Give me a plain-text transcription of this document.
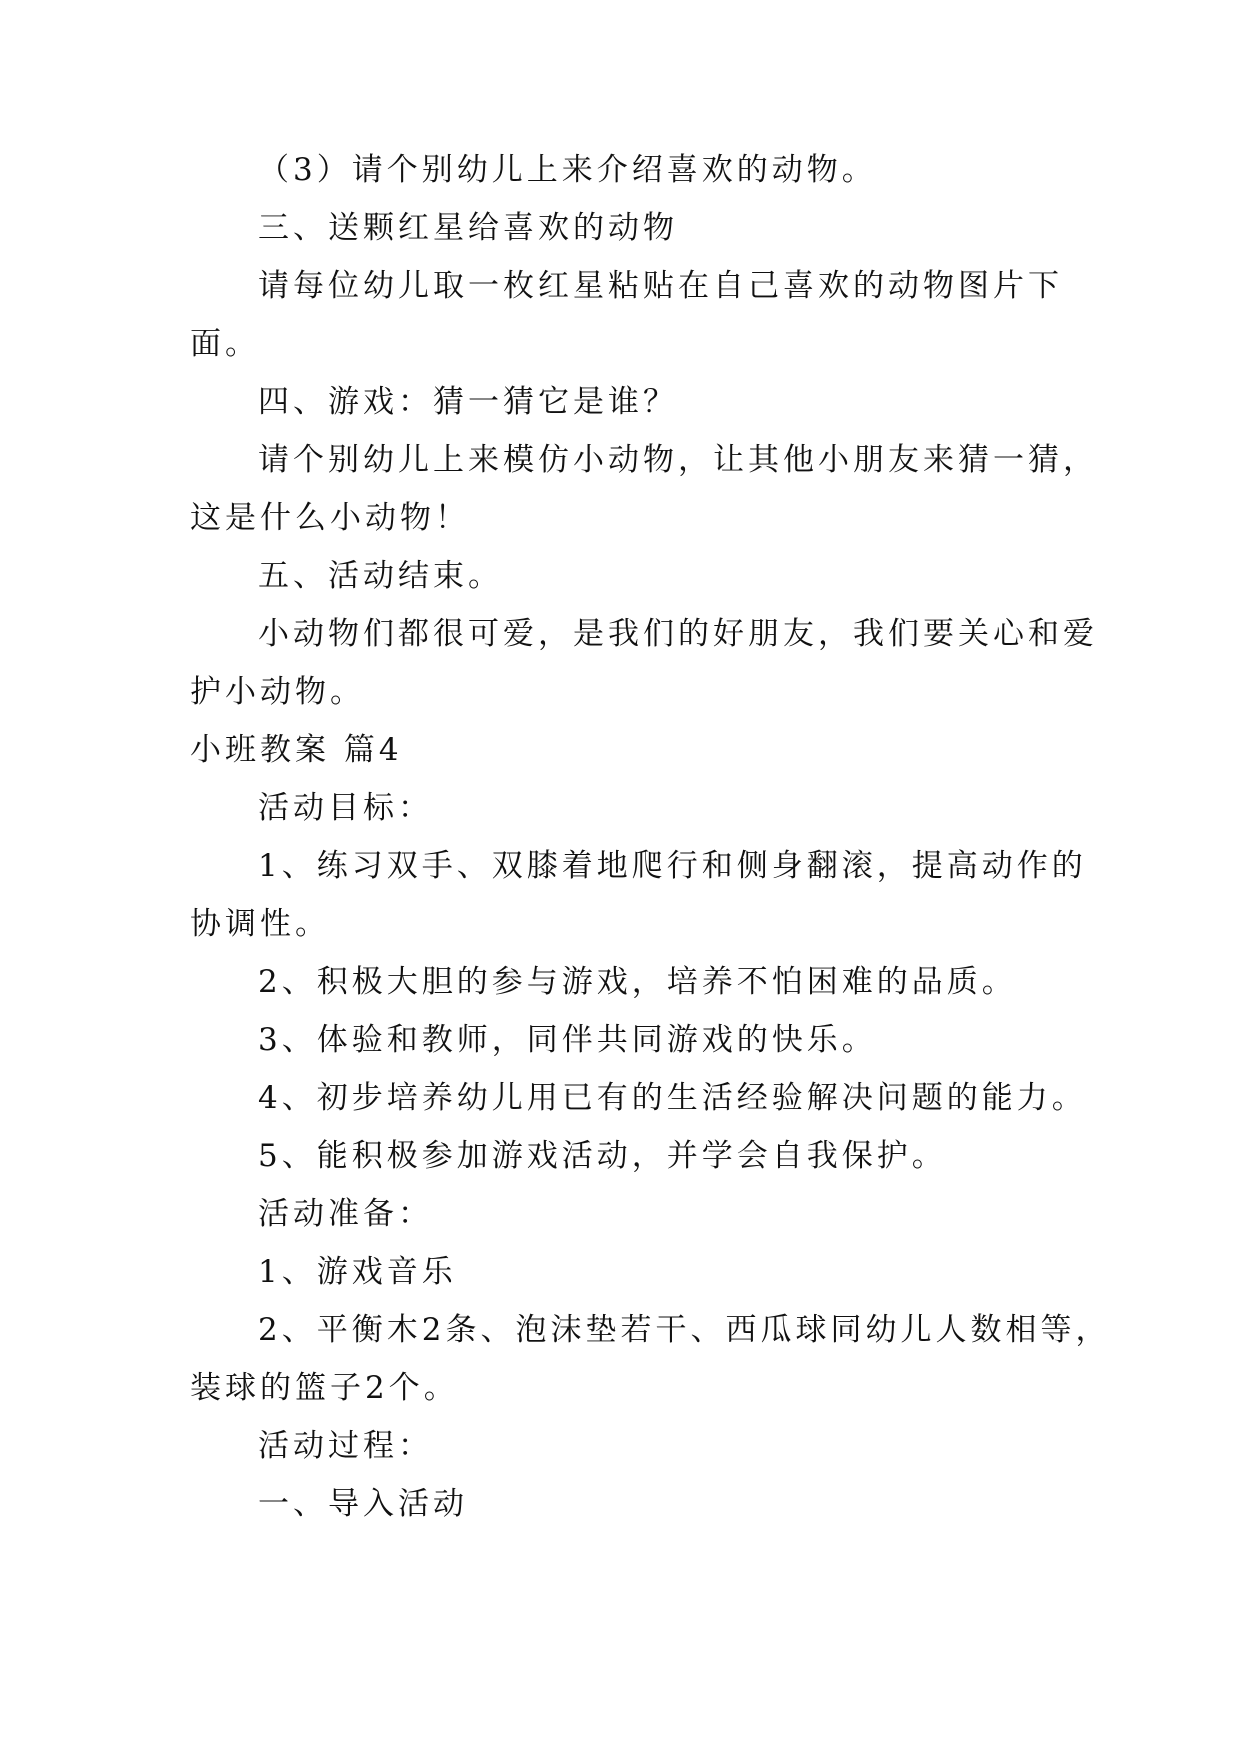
（3）请个别幼儿上来介绍喜欢的动物。
三、送颗红星给喜欢的动物
请每位幼儿取一枚红星粘贴在自己喜欢的动物图片下
面。
四、游戏：猜一猜它是谁？
请个别幼儿上来模仿小动物，让其他小朋友来猜一猜，
这是什么小动物！
五、活动结束。
小动物们都很可爱，是我们的好朋友，我们要关心和爱
护小动物。
小班教案 篇4
活动目标：
1、练习双手、双膝着地爬行和侧身翻滚，提高动作的
协调性。
2、积极大胆的参与游戏，培养不怕困难的品质。
3、体验和教师，同伴共同游戏的快乐。
4、初步培养幼儿用已有的生活经验解决问题的能力。
5、能积极参加游戏活动，并学会自我保护。
活动准备：
1、游戏音乐
2、平衡木2条、泡沫垫若干、西瓜球同幼儿人数相等，
装球的篮子2个。
活动过程：
一、导入活动
